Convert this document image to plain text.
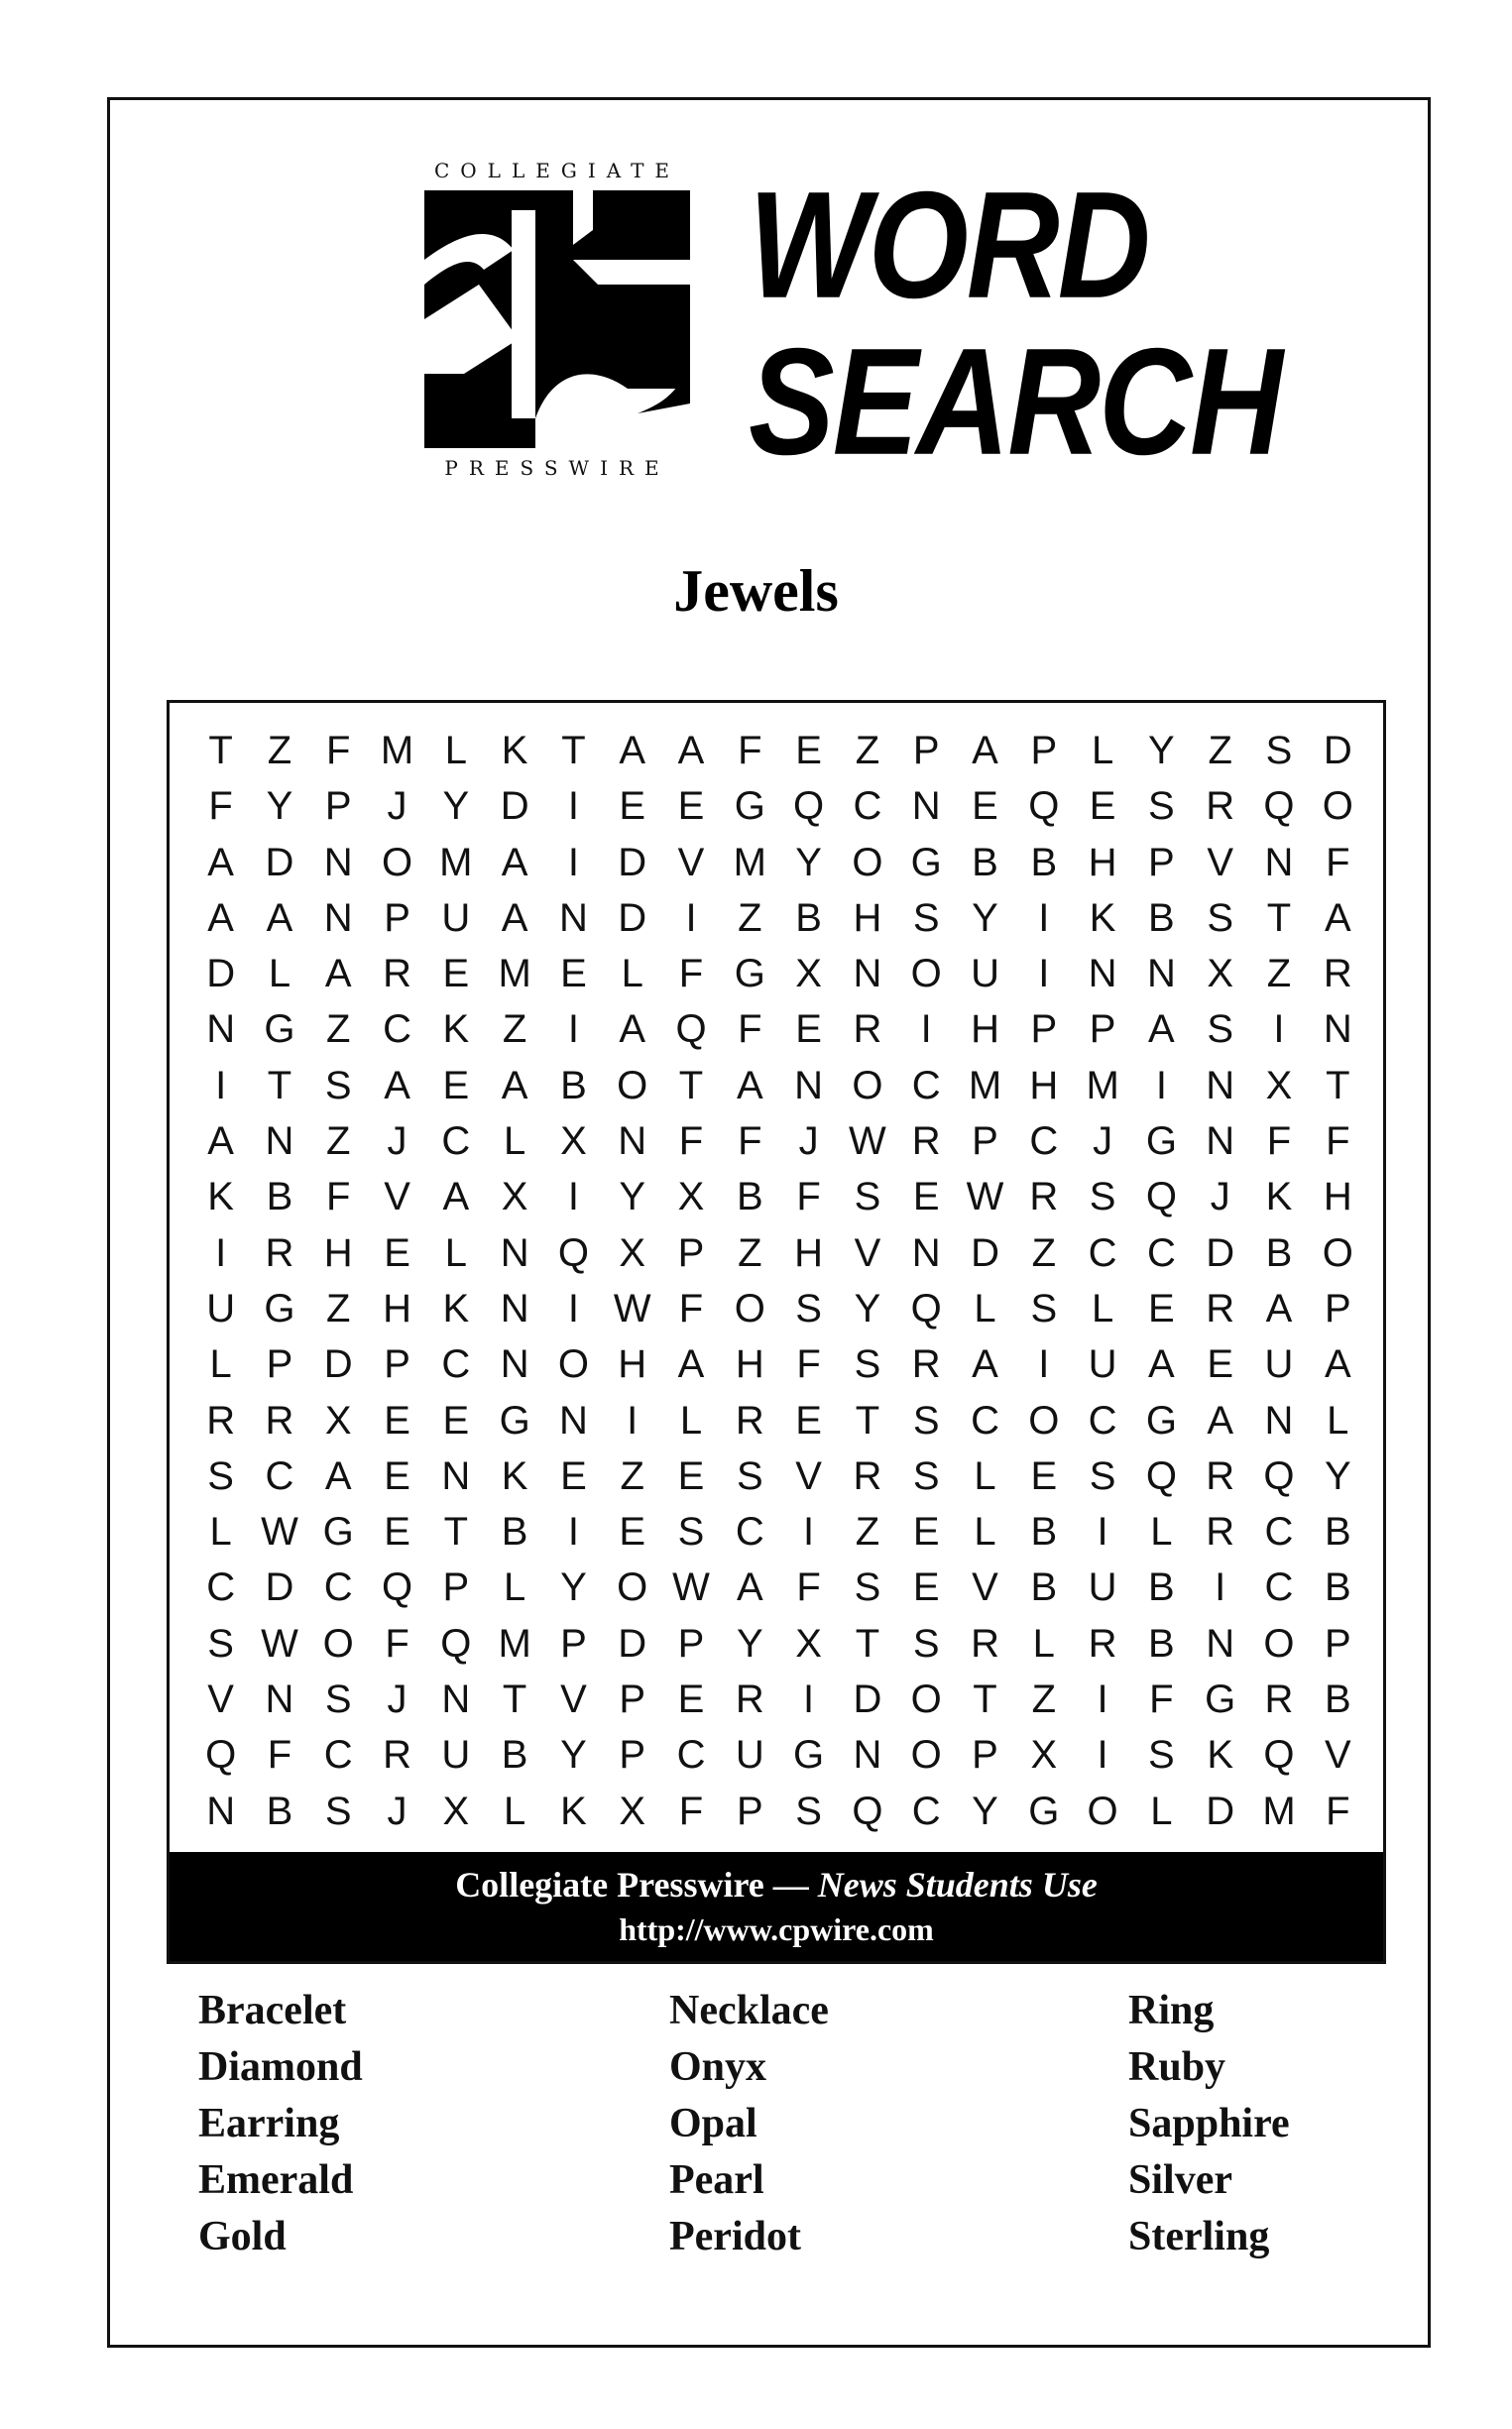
COLLEGIATE
PRESSWIRE
WORD
SEARCH
Jewels
T Z F M L K T A A F E Z P A P L Y Z S D
F Y P J Y D I	E E G Q C N E Q E S R Q O
A D N O M A	I D V M Y O G B B H P V N F
A A N P U A N D I	Z B H S Y	I	K B S T A
D L A R E M E L F G X N O U I N N X Z R
N G Z C K Z	I	A Q F E R I H P P A S	I N
I	T S A E A B O T A N O C M H M I N X T
A N Z J C L X N F F J W R P C J G N F F
K B F V A X	I	Y X B F S E W R S Q J K H
I R H E L N Q X P Z H V N D Z C C D B O
U G Z H K N I W F O S Y Q L S L E R A P
L P D P C N O H A H F S R A	I U A E U A
R R X E E G N I	L R E T S C O C G A N L
S C A E N K E Z E S V R S L E S Q R Q Y
L W G E T B	I	E S C I	Z E L B	I	L R C B
C D C Q P L Y O W A F S E V B U B	I C B
S W O F Q M P D P Y X T S R L R B N O P
V N S J N T V P E R I D O T Z	I	F G R B
Q F C R U B Y P C U G N O P X	I	S K Q V
N B S J X L K X F P S Q C Y G O L D M F
Collegiate Presswire — News Students Use
http://www.cpwire.com
Bracelet
Diamond
Earring
Emerald
Gold
Necklace
Onyx
Opal
Pearl
Peridot
Ring
Ruby
Sapphire
Silver
Sterling
